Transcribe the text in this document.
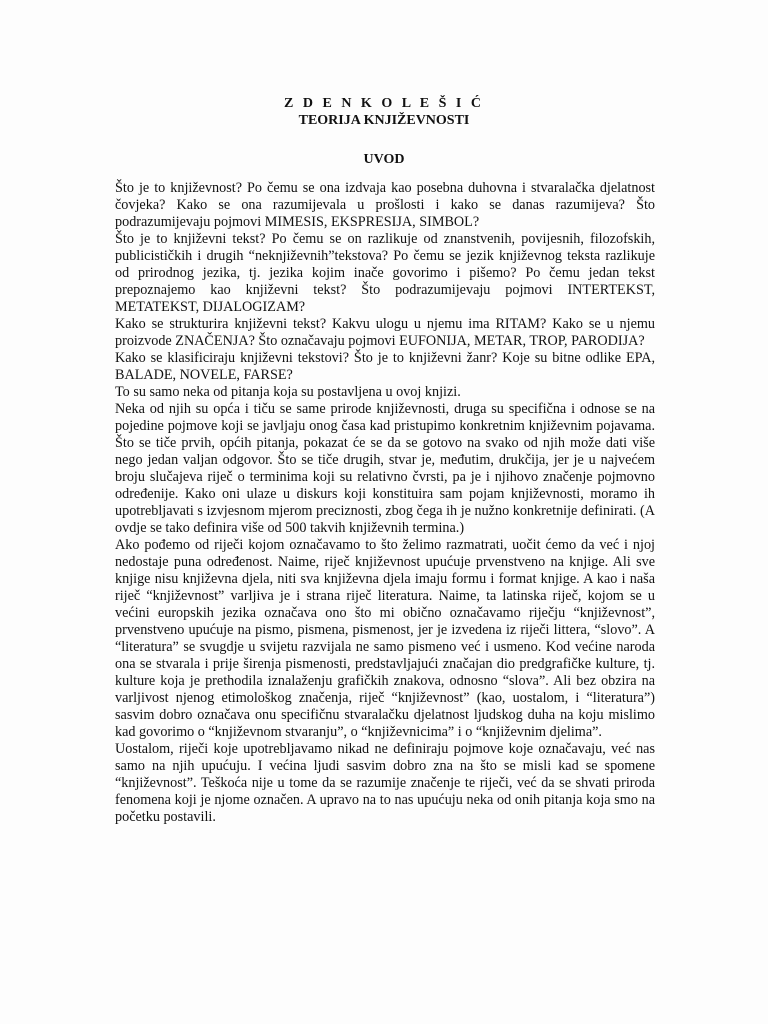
Z D E N K O L E Š I Ć
TEORIJA KNJIŽEVNOSTI
UVOD

Što je to književnost? Po čemu se ona izdvaja kao posebna duhovna i stvaralačka djelatnost čovjeka? Kako se ona razumijevala u prošlosti i kako se danas razumijeva? Što podrazumijevaju pojmovi MIMESIS, EKSPRESIJA, SIMBOL?

Što je to književni tekst? Po čemu se on razlikuje od znanstvenih, povijesnih, filozofskih, publicističkih i drugih “neknjiževnih”tekstova? Po čemu se jezik književnog teksta razlikuje od prirodnog jezika, tj. jezika kojim inače govorimo i pišemo? Po čemu jedan tekst prepoznajemo kao književni tekst? Što podrazumijevaju pojmovi INTERTEKST, METATEKST, DIJALOGIZAM?

Kako se strukturira književni tekst? Kakvu ulogu u njemu ima RITAM? Kako se u njemu proizvode ZNAČENJA? Što označavaju pojmovi EUFONIJA, METAR, TROP, PARODIJA?

Kako se klasificiraju književni tekstovi? Što je to književni žanr? Koje su bitne odlike EPA, BALADE, NOVELE, FARSE?

To su samo neka od pitanja koja su postavljena u ovoj knjizi.

Neka od njih su opća i tiču se same prirode književnosti, druga su specifična i odnose se na pojedine pojmove koji se javljaju onog časa kad pristupimo konkretnim književnim pojavama. Što se tiče prvih, općih pitanja, pokazat će se da se gotovo na svako od njih može dati više nego jedan valjan odgovor. Što se tiče drugih, stvar je, međutim, drukčija, jer je u najvećem broju slučajeva riječ o terminima koji su relativno čvrsti, pa je i njihovo značenje pojmovno određenije. Kako oni ulaze u diskurs koji konstituira sam pojam književnosti, moramo ih upotrebljavati s izvjesnom mjerom preciznosti, zbog čega ih je nužno konkretnije definirati. (A ovdje se tako definira više od 500 takvih književnih termina.)

Ako pođemo od riječi kojom označavamo to što želimo razmatrati, uočit ćemo da već i njoj nedostaje puna određenost. Naime, riječ književnost upućuje prvenstveno na knjige. Ali sve knjige nisu književna djela, niti sva književna djela imaju formu i format knjige. A kao i naša riječ “književnost” varljiva je i strana riječ literatura. Naime, ta latinska riječ, kojom se u većini europskih jezika označava ono što mi obično označavamo riječju “književnost”, prvenstveno upućuje na pismo, pismena, pismenost, jer je izvedena iz riječi littera, “slovo”. A “literatura” se svugdje u svijetu razvijala ne samo pismeno već i usmeno. Kod većine naroda ona se stvarala i prije širenja pismenosti, predstavljajući značajan dio predgrafičke kulture, tj. kulture koja je prethodila iznalaženju grafičkih znakova, odnosno “slova”. Ali bez obzira na varljivost njenog etimološkog značenja, riječ “književnost” (kao, uostalom, i “literatura”) sasvim dobro označava onu specifičnu stvaralačku djelatnost ljudskog duha na koju mislimo kad govorimo o “književnom stvaranju”, o “književnicima” i o “književnim djelima”.

Uostalom, riječi koje upotrebljavamo nikad ne definiraju pojmove koje označavaju, već nas samo na njih upućuju. I većina ljudi sasvim dobro zna na što se misli kad se spomene “književnost”. Teškoća nije u tome da se razumije značenje te riječi, već da se shvati priroda fenomena koji je njome označen. A upravo na to nas upućuju neka od onih pitanja koja smo na početku postavili.
